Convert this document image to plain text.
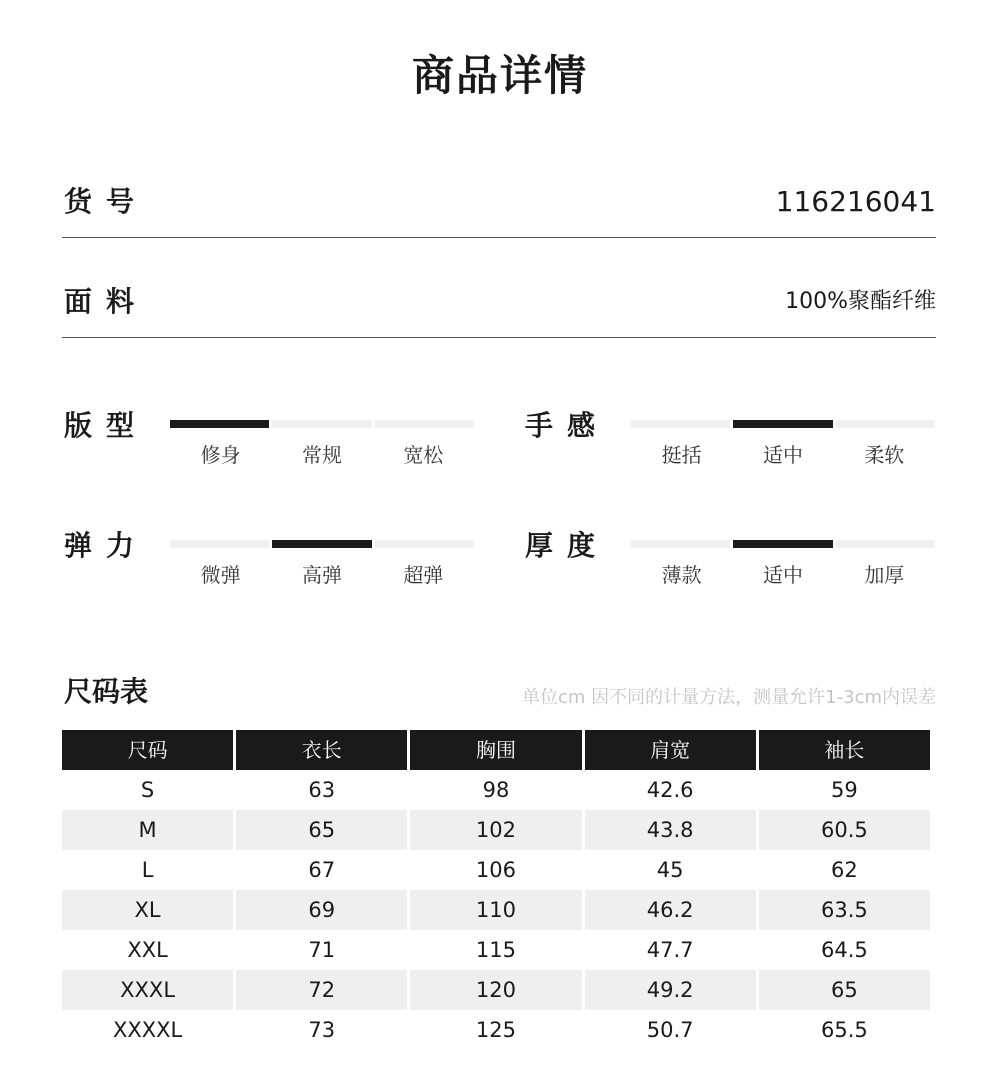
商品详情
货号	116216041
面料	100%聚酯纤维
版型
修身	常规	宽松
手感
挺括	适中	柔软
弹力
微弹	高弹	超弹
厚度
薄款	适中	加厚
尺码表	单位cm 因不同的计量方法，测量允许1-3cm内误差
尺码	衣长	胸围	肩宽	袖长
S	63	98	42.6	59
M	65	102	43.8	60.5
L	67	106	45	62
XL	69	110	46.2	63.5
XXL	71	115	47.7	64.5
XXXL	72	120	49.2	65
XXXXL	73	125	50.7	65.5
